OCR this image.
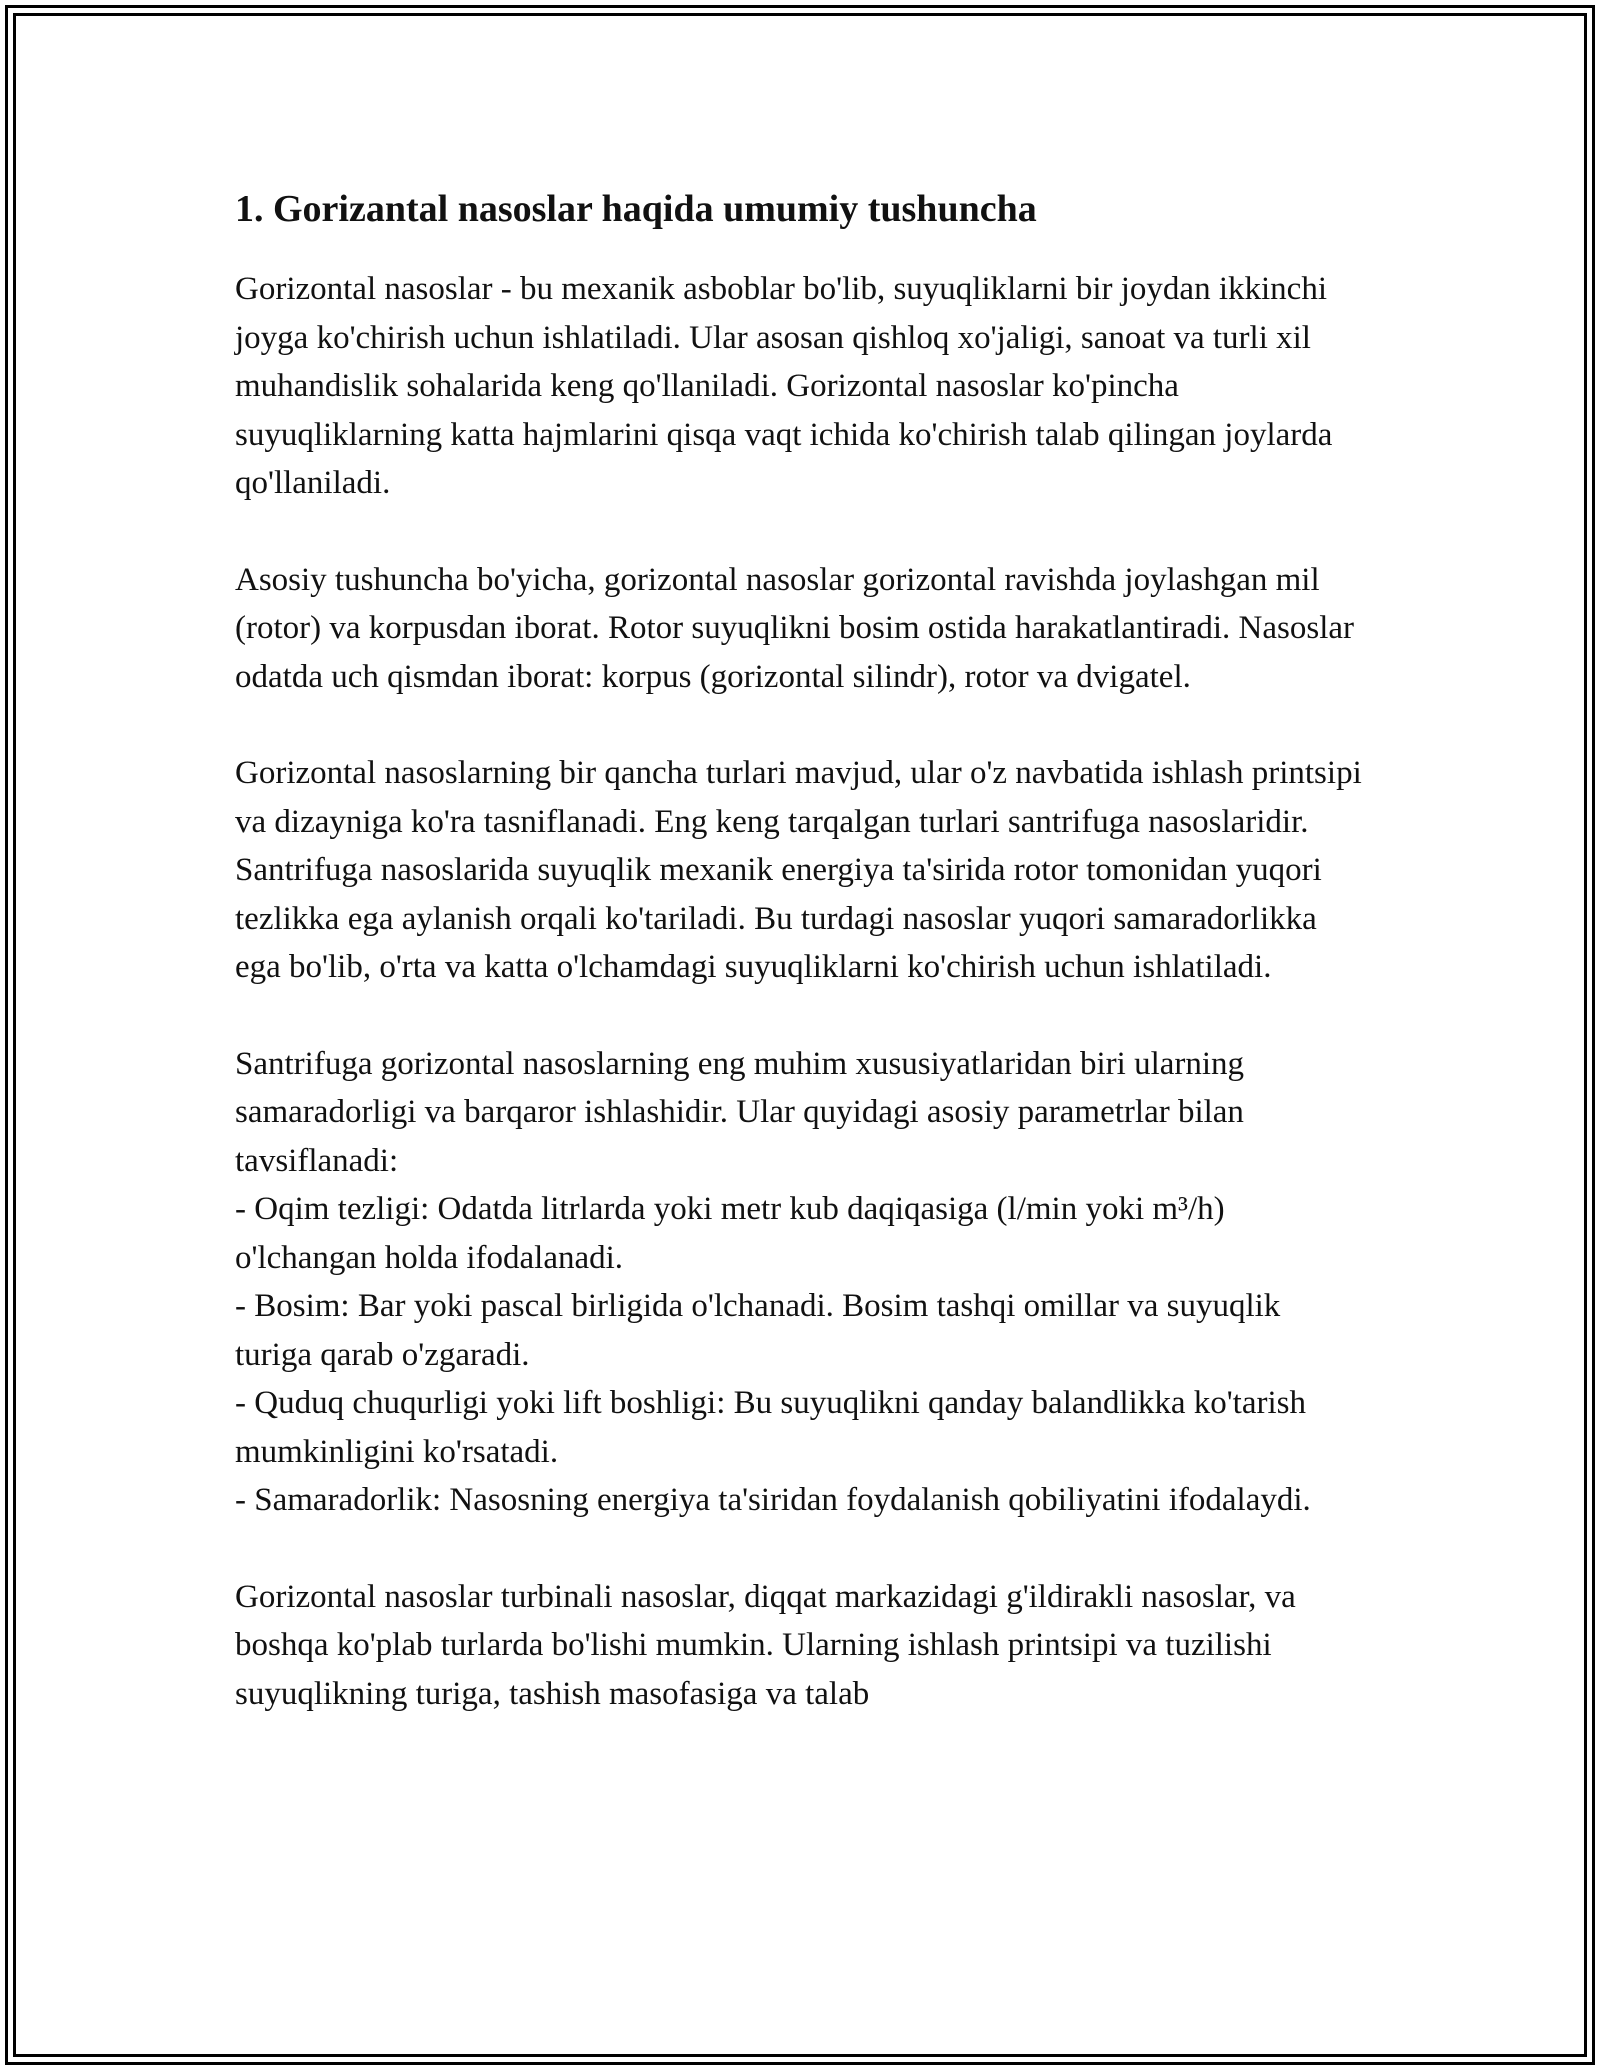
1. Gorizantal nasoslar haqida umumiy tushuncha

Gorizontal nasoslar - bu mexanik asboblar bo'lib, suyuqliklarni bir joydan ikkinchi joyga ko'chirish uchun ishlatiladi. Ular asosan qishloq xo'jaligi, sanoat va turli xil muhandislik sohalarida keng qo'llaniladi. Gorizontal nasoslar ko'pincha suyuqliklarning katta hajmlarini qisqa vaqt ichida ko'chirish talab qilingan joylarda qo'llaniladi.

Asosiy tushuncha bo'yicha, gorizontal nasoslar gorizontal ravishda joylashgan mil (rotor) va korpusdan iborat. Rotor suyuqlikni bosim ostida harakatlantiradi. Nasoslar odatda uch qismdan iborat: korpus (gorizontal silindr), rotor va dvigatel.

Gorizontal nasoslarning bir qancha turlari mavjud, ular o'z navbatida ishlash printsipi va dizayniga ko'ra tasniflanadi. Eng keng tarqalgan turlari santrifuga nasoslaridir. Santrifuga nasoslarida suyuqlik mexanik energiya ta'sirida rotor tomonidan yuqori tezlikka ega aylanish orqali ko'tariladi. Bu turdagi nasoslar yuqori samaradorlikka ega bo'lib, o'rta va katta o'lchamdagi suyuqliklarni ko'chirish uchun ishlatiladi.

Santrifuga gorizontal nasoslarning eng muhim xususiyatlaridan biri ularning samaradorligi va barqaror ishlashidir. Ular quyidagi asosiy parametrlar bilan tavsiflanadi:
- Oqim tezligi: Odatda litrlarda yoki metr kub daqiqasiga (l/min yoki m³/h) o'lchangan holda ifodalanadi.
- Bosim: Bar yoki pascal birligida o'lchanadi. Bosim tashqi omillar va suyuqlik turiga qarab o'zgaradi.
- Quduq chuqurligi yoki lift boshligi: Bu suyuqlikni qanday balandlikka ko'tarish mumkinligini ko'rsatadi.
- Samaradorlik: Nasosning energiya ta'siridan foydalanish qobiliyatini ifodalaydi.

Gorizontal nasoslar turbinali nasoslar, diqqat markazidagi g'ildirakli nasoslar, va boshqa ko'plab turlarda bo'lishi mumkin. Ularning ishlash printsipi va tuzilishi suyuqlikning turiga, tashish masofasiga va talab
